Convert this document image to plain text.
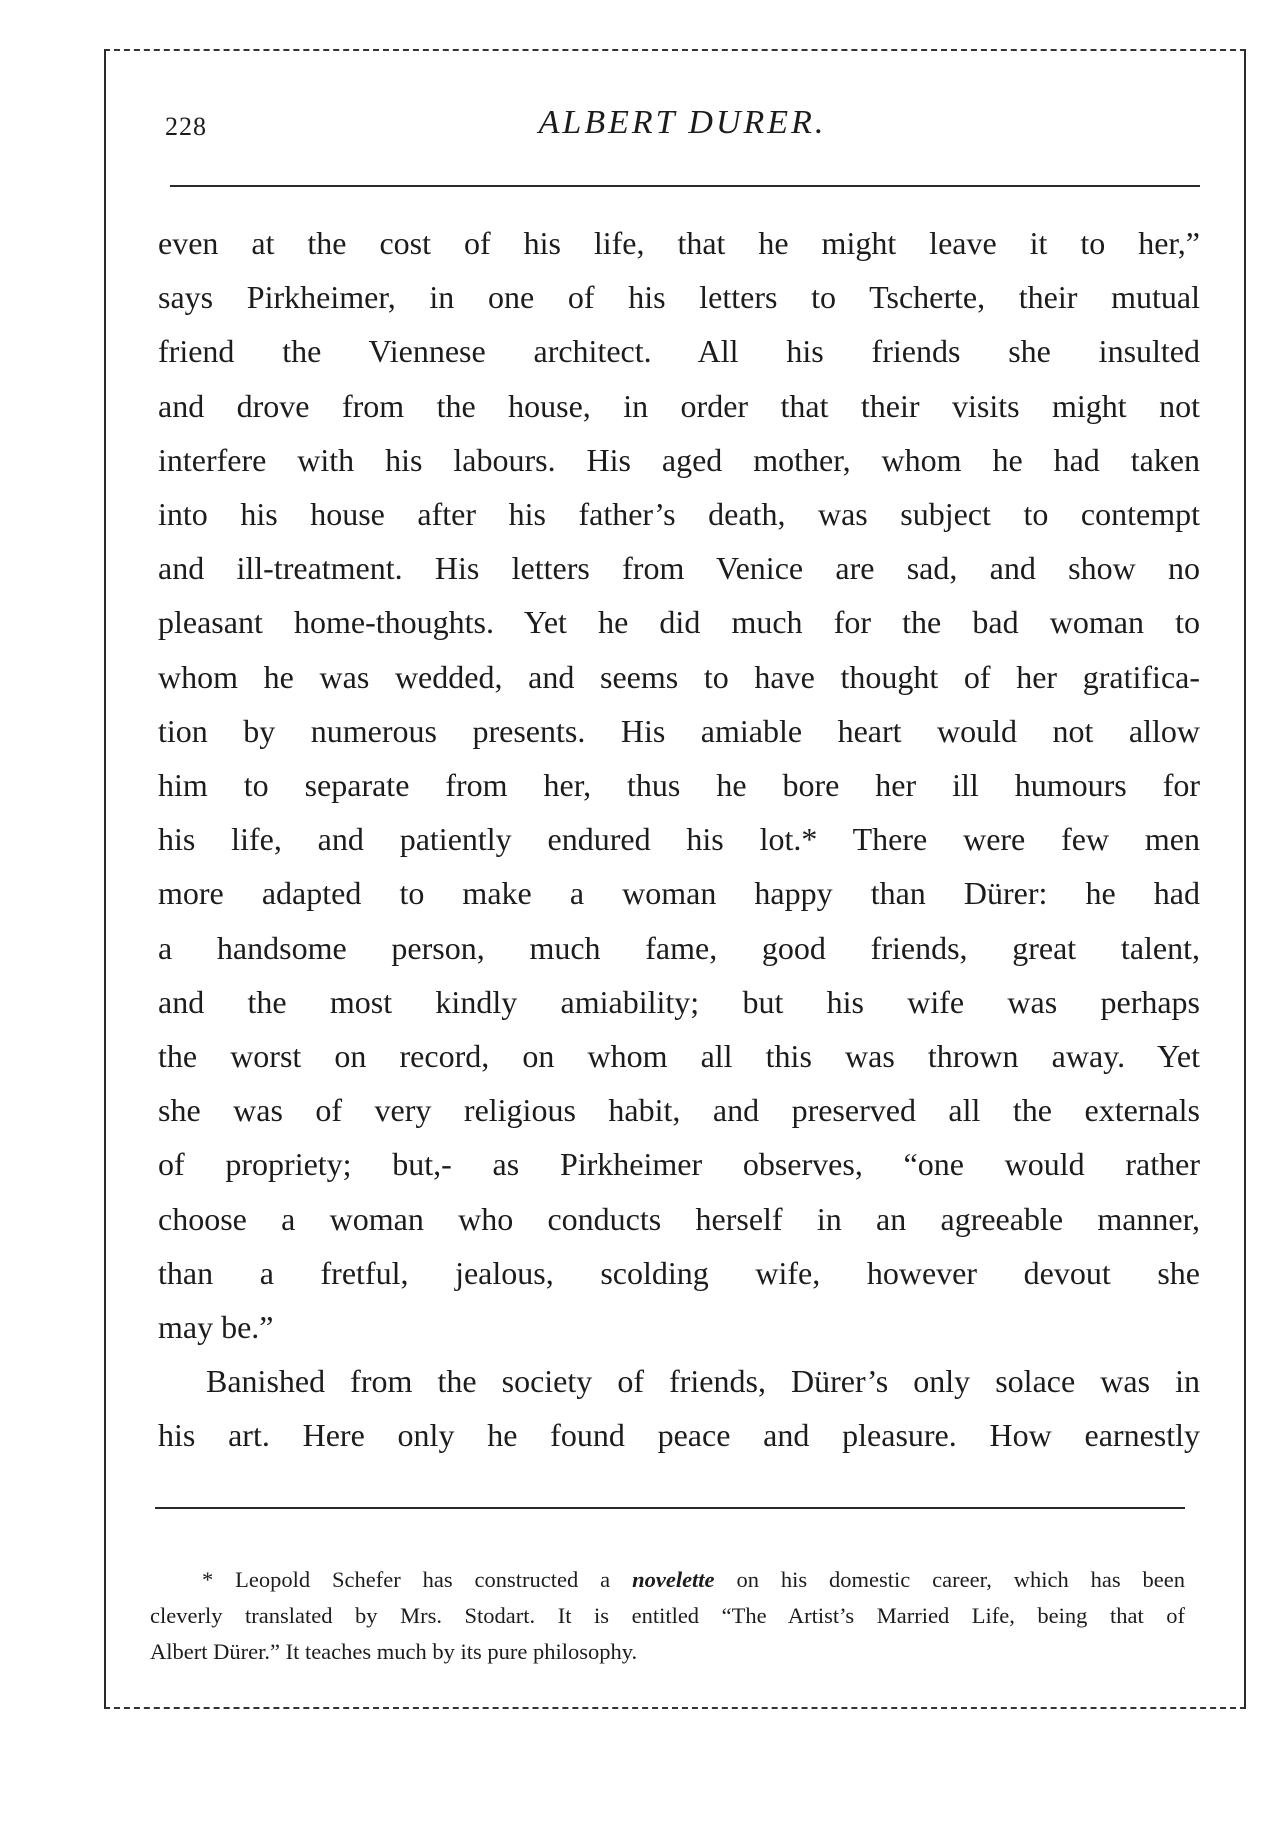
228	ALBERT DURER.
even at the cost of his life, that he might leave it to her,”
says Pirkheimer, in one of his letters to Tscherte, their mutual
friend the Viennese architect. All his friends she insulted
and drove from the house, in order that their visits might not
interfere with his labours. His aged mother, whom he had taken
into his house after his father’s death, was subject to contempt
and ill-treatment. His letters from Venice are sad, and show no
pleasant home-thoughts. Yet he did much for the bad woman to
whom he was wedded, and seems to have thought of her gratifica-
tion by numerous presents. His amiable heart would not allow
him to separate from her, thus he bore her ill humours for
his life, and patiently endured his lot.* There were few men
more adapted to make a woman happy than Dürer: he had
a handsome person, much fame, good friends, great talent,
and the most kindly amiability; but his wife was perhaps
the worst on record, on whom all this was thrown away. Yet
she was of very religious habit, and preserved all the externals
of propriety; but,- as Pirkheimer observes, “one would rather
choose a woman who conducts herself in an agreeable manner,
than a fretful, jealous, scolding wife, however devout she
may be.”
Banished from the society of friends, Dürer’s only solace was in
his art. Here only he found peace and pleasure. How earnestly
* Leopold Schefer has constructed a novelette on his domestic career, which has been
cleverly translated by Mrs. Stodart. It is entitled “The Artist’s Married Life, being that of
Albert Dürer.” It teaches much by its pure philosophy.
